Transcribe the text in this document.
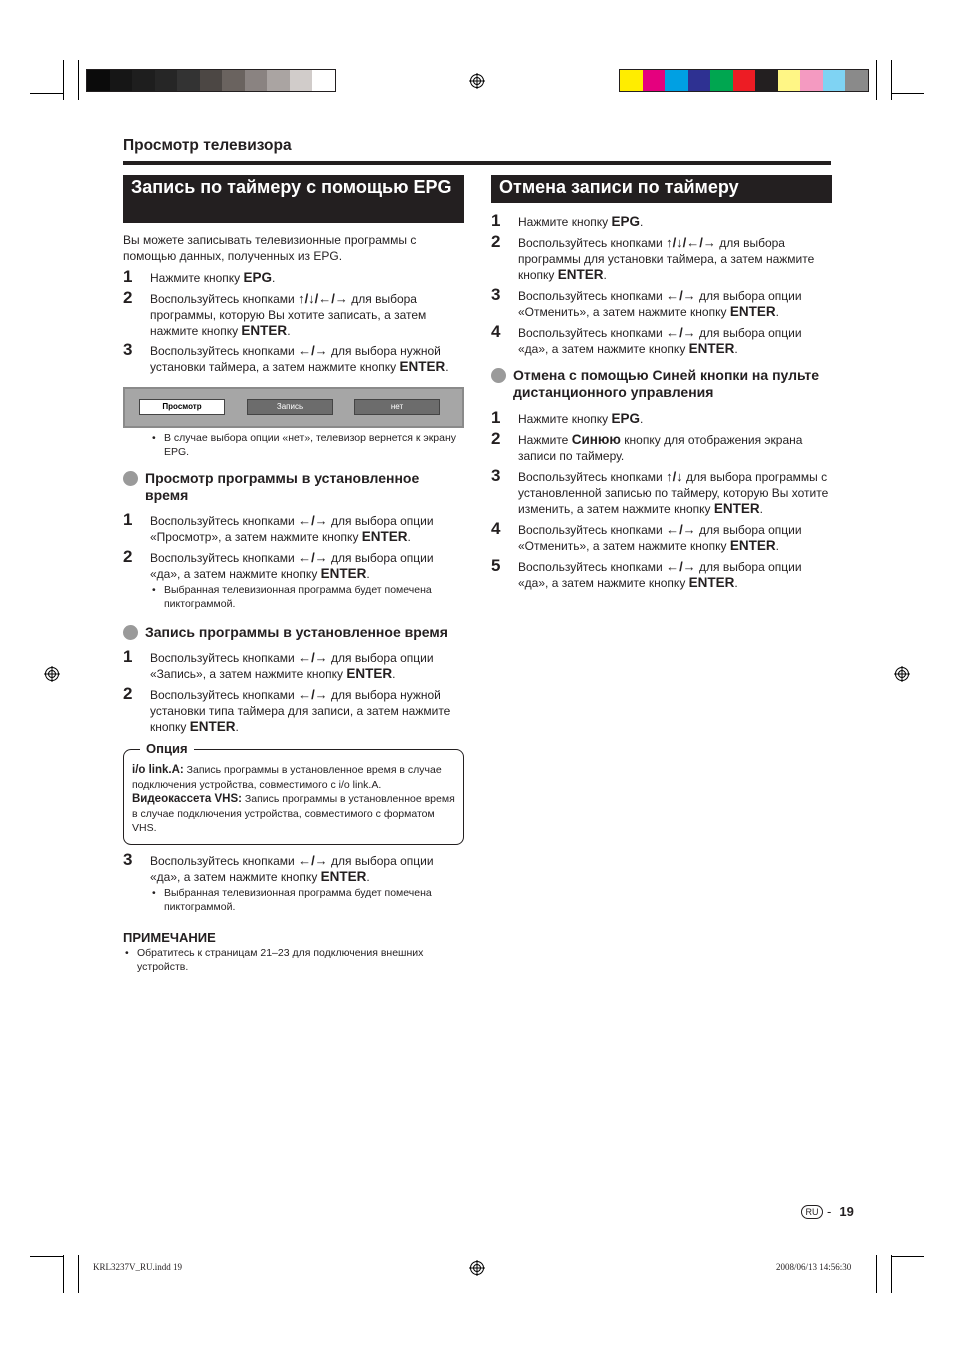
Просмотр телевизора
Запись по таймеру с помощью EPG
Вы можете записывать телевизионные программы с помощью данных, полученных из EPG.
1 Нажмите кнопку EPG.
2 Воспользуйтесь кнопками ↑/↓/←/→ для выбора программы, которую Вы хотите записать, а затем нажмите кнопку ENTER.
3 Воспользуйтесь кнопками ←/→ для выбора нужной установки таймера, а затем нажмите кнопку ENTER.
Просмотр	Запись	нет
• В случае выбора опции «нет», телевизор вернется к экрану EPG.
Просмотр программы в установленное время
1 Воспользуйтесь кнопками ←/→ для выбора опции «Просмотр», а затем нажмите кнопку ENTER.
2 Воспользуйтесь кнопками ←/→ для выбора опции «да», а затем нажмите кнопку ENTER.
• Выбранная телевизионная программа будет помечена пиктограммой.
Запись программы в установленное время
1 Воспользуйтесь кнопками ←/→ для выбора опции «Запись», а затем нажмите кнопку ENTER.
2 Воспользуйтесь кнопками ←/→ для выбора нужной установки типа таймера для записи, а затем нажмите кнопку ENTER.
Опция
i/o link.A: Запись программы в установленное время в случае подключения устройства, совместимого с i/o link.A.
Видеокассета VHS: Запись программы в установленное время в случае подключения устройства, совместимого с форматом VHS.
3 Воспользуйтесь кнопками ←/→ для выбора опции «да», а затем нажмите кнопку ENTER.
• Выбранная телевизионная программа будет помечена пиктограммой.
ПРИМЕЧАНИЕ
• Обратитесь к страницам 21–23 для подключения внешних устройств.
Отмена записи по таймеру
1 Нажмите кнопку EPG.
2 Воспользуйтесь кнопками ↑/↓/←/→ для выбора программы для установки таймера, а затем нажмите кнопку ENTER.
3 Воспользуйтесь кнопками ←/→ для выбора опции «Отменить», а затем нажмите кнопку ENTER.
4 Воспользуйтесь кнопками ←/→ для выбора опции «да», а затем нажмите кнопку ENTER.
Отмена с помощью Синей кнопки на пульте дистанционного управления
1 Нажмите кнопку EPG.
2 Нажмите Синюю кнопку для отображения экрана записи по таймеру.
3 Воспользуйтесь кнопками ↑/↓ для выбора программы с установленной записью по таймеру, которую Вы хотите изменить, а затем нажмите кнопку ENTER.
4 Воспользуйтесь кнопками ←/→ для выбора опции «Отменить», а затем нажмите кнопку ENTER.
5 Воспользуйтесь кнопками ←/→ для выбора опции «да», а затем нажмите кнопку ENTER.
RU - 19
KRL3237V_RU.indd 19	2008/06/13 14:56:30
